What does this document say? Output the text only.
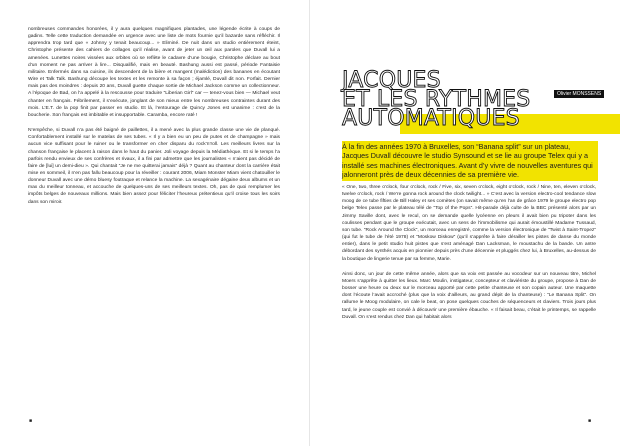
nombreuses commandes honorées, il y aura quelques magnifiques plantades, une légende écrite à coups de gadins. Telle cette traduction demandée en urgence avec une liste de mots fournie qu’il bazarde sans réfléchir. Il apprendra trop tard que « Johnny y tenait beaucoup... » Eliminé. De nuit dans un studio entièrement éteint, Christophe présente des cahiers de collages qu’il réalise, avant de jeter un œil aux paroles que Duvall lui a amenées. Lunettes noires vissées aux orbites où se reflète le cadavre d’une bougie, Christophe déclare au bout d’un moment ne pas arriver à lire... Disqualifié, mais en beauté. Bashung aussi est passé, période Fantaisie militaire. Enfermés dans sa cuisine, ils descendent de la bière et mangent (malédiction) des bananes en écoutant Wire et Talk Talk. Bashung découpe les textes et les remonte à sa façon ; éjamlé, Duvall dit non. Forfait. Dernier mais pas des moindres : depuis 20 ans, Duvall guette chaque sortie de Michael Jackson comme un collectionneur. A l’époque de Bad, on l’a appelé à la rescousse pour traduire “Liberian Girl” car — tenez-vous bien — Michael veut chanter en français. Fébrilement, il s’exécute, jonglant de son mieux entre les nombreuses contraintes durant des mois. L’E.T. de la pop finit par passer en studio. Et là, l’entourage de Quincy Jones est unanime : c’est de la boucherie. Son français est imbitable et insupportable. Caramba, encore raté !

N’empêche, si Duvall n’a pas été baigné de paillettes, il a mené avec la plus grande classe une vie de planqué. Confortablement installé sur le matelas de ses tubes. « Il y a bien eu un peu de putes et de champagne » mais aucun vice suffisant pour le ruiner ou le transformer en cher disparu du rock’n’roll. Les meilleurs livres sur la chanson française le placent à raison dans le haut du panier. Joli voyage depuis la Médiathèque. Et si le temps l’a parfois rendu envieux de ses confrères et rivaux, il a fini par admettre que les journalistes « n’aient pas décidé de faire de [lui] un demi-dieu ». Qui chantait “Je ne me quitterai jamais” déjà ? Quant au chanteur dont la carrière était mise en sommeil, il n’en pas fallu beaucoup pour la réveiller : courant 2006, Miam Monster Miam vient chatouiller le donneur Duvall avec une démo bluesy foutraque et relance la machine. La sexagénaire dégaine deux albums et un max du meilleur tonneau, et accouche de quelques-uns de ses meilleurs textes. Oh, pas de quoi remplumer les impôts belges de nouveaux millions. Mais bien assez pour féliciter l’heureux prétentieux qu’il croise tous les soirs dans son miroir.

■
JACQUES
ET LES RYTHMES
AUTOMATIQUES
Olivier MONSSENS

À la fin des années 1970 à Bruxelles, son “Banana split” sur un plateau, Jacques Duvall découvre le studio Synsound et se lie au groupe Telex qui y a installé ses machines électroniques. Avant d’y vivre de nouvelles aventures qui jalonneront près de deux décennies de sa première vie.

« One, two, three o’clock, four o’clock, rock / Five, six, seven o’clock, eight o’clock, rock / Nine, ten, eleven o’clock, twelve o’clock, rock / We’re gonna rock around the clock twilight... » C’est avec la version electro-cool tendance slow moog de ce tube fifties de Bill Haley et ses comètes (on savait même qu’en l’an de grâce 1979 le groupe electro pop belge Telex passe par le plateau télé de “Top of the Pops”. Hit-parade déjà culte de la BBC présenté alors par un Jimmy Saville dont, avec le recul, on se demande quelle lycéenne en pleurs il avait bien pu tripoter dans les coulisses pendant que le groupe exécutait, avec un sens de l’immobilisme qui aurait émoustillé Madame Tussaud, son tube. “Rock Around the Clock”, un morceau enregistré, comme la version électronique de “Twist à Saint-Tropez” (qui fut le tube de l’été 1978) et “Moskow Diskow” (qu’il s’apprête à faire dérailler les pistes de danse du monde entier), dans le petit studio huit pistes que s’est aménagé Dan Lacksman, le moustachu de la bande. Un antre débordant des synthés acquis en pionnier depuis près d’une décennie et pluggés chez lui, à Bruxelles, au-dessus de la boutique de lingerie tenue par sa femme, Marie.

Ainsi donc, un jour de cette même année, alors que sa voix est passée au vocodeur sur un nouveau titre, Michel Moers s’apprête à quitter les lieux. Marc Moulin, instigateur, concepteur et claviériste du groupe, propose à Dan de bosser une heure ou deux sur le morceau apporté par cette petite chanteuse et son copain auteur. Une maquette dont l’écoute l’avait accroché (plus que la voix d’ailleurs, au grand dépit de la chanteuse) : “Le Banana Split”. On rallume le Moog modulaire, on cale le beat, on pose quelques couches de séquenceurs et claviers. Trois jours plus tard, le jeune couple est convié à découvrir une première ébauche. « Il faisait beau, c’était le printemps, se rappelle Duvall. On s’est rendus chez Dan qui habitait alors

■
